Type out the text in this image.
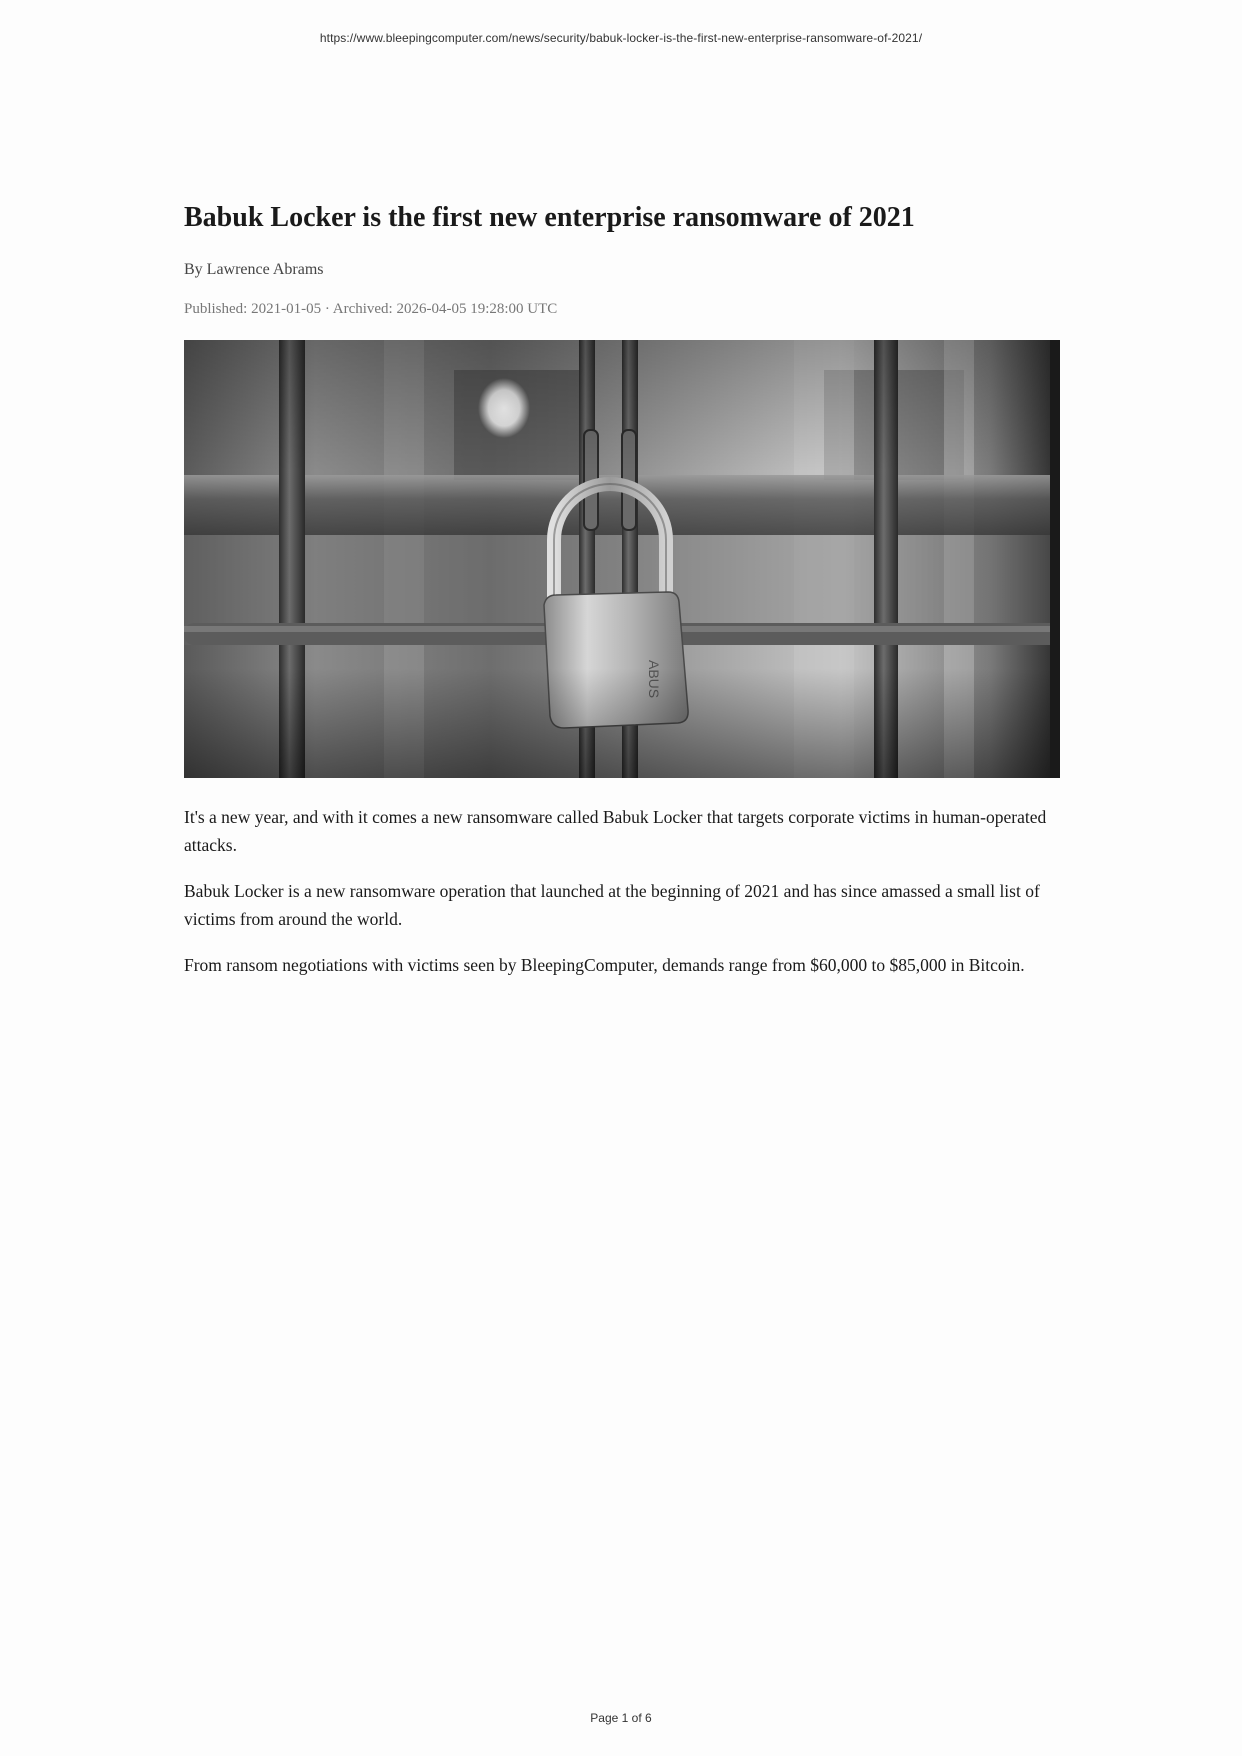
https://www.bleepingcomputer.com/news/security/babuk-locker-is-the-first-new-enterprise-ransomware-of-2021/
Babuk Locker is the first new enterprise ransomware of 2021
By Lawrence Abrams
Published: 2021-01-05 · Archived: 2026-04-05 19:28:00 UTC

It's a new year, and with it comes a new ransomware called Babuk Locker that targets corporate victims in human-operated attacks.

Babuk Locker is a new ransomware operation that launched at the beginning of 2021 and has since amassed a small list of victims from around the world.

From ransom negotiations with victims seen by BleepingComputer, demands range from $60,000 to $85,000 in Bitcoin.

Page 1 of 6
